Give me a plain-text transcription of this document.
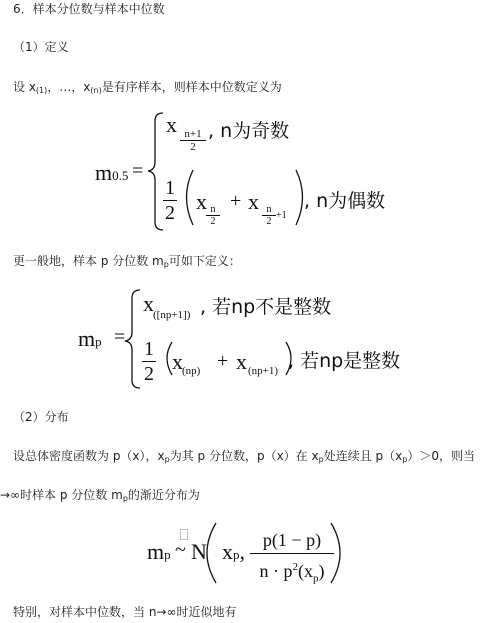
6．样本分位数与样本中位数
（1）定义
设 $x_{(1)}$，…，$x_{(n)}$是有序样本，则样本中位数定义为
m0.5 =
x
$\frac{n+1}{2}$ , n为奇数
$\frac{1}{2}$ x
$\frac{n}{2}$
+ x
$\frac{n}{2} +1$
, n为偶数
更一般地，样本 p 分位数 $m_p$可如下定义：
mp =
x ([np+1]) , 若np不是整数
$\frac{1}{2}$ x (np) + x (np+1) , 若np是整数
（2）分布
设总体密度函数为 p（x），$x_p$为其 p 分位数，p（x）在 $x_p$处连续且 $p(x_p)>0$，则当
→∞时样本 p 分位数 $m_p$的渐近分布为
mp ~ N xp, $\frac{p(1 - p)}{n \cdot p^2(x_p)}$
特别，对样本中位数，当 n→∞时近似地有
